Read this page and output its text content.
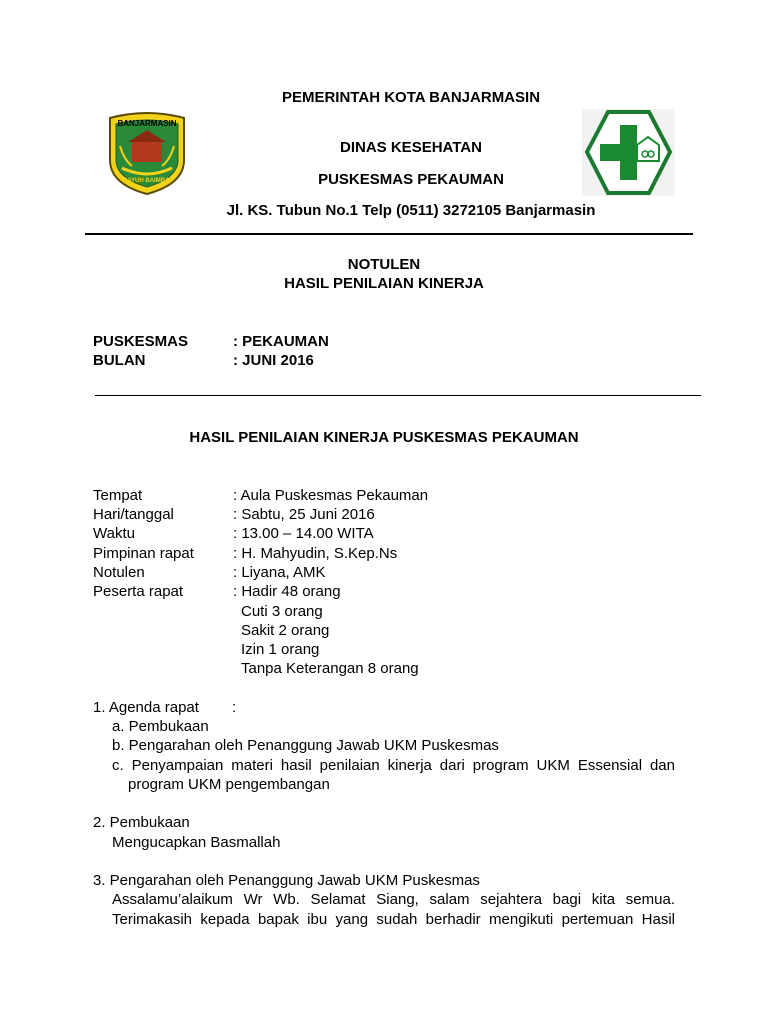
PEMERINTAH KOTA BANJARMASIN
DINAS KESEHATAN
PUSKESMAS PEKAUMAN
Jl. KS. Tubun No.1 Telp (0511) 3272105 Banjarmasin
BANJARMASIN
KAYUH BAIMBAI
NOTULEN
HASIL PENILAIAN KINERJA
PUSKESMAS	: PEKAUMAN
BULAN	: JUNI 2016
HASIL PENILAIAN KINERJA PUSKESMAS PEKAUMAN
Tempat	: Aula Puskesmas Pekauman
Hari/tanggal	: Sabtu, 25 Juni 2016
Waktu	: 13.00 – 14.00 WITA
Pimpinan rapat	: H. Mahyudin, S.Kep.Ns
Notulen	: Liyana, AMK
Peserta rapat	: Hadir 48 orang
Cuti 3 orang
Sakit 2 orang
Izin 1 orang
Tanpa Keterangan 8 orang
1. Agenda rapat :
a. Pembukaan
b. Pengarahan oleh Penanggung Jawab UKM Puskesmas
c. Penyampaian materi hasil penilaian kinerja dari program UKM Essensial dan
program UKM pengembangan
2. Pembukaan
Mengucapkan Basmallah
3. Pengarahan oleh Penanggung Jawab UKM Puskesmas
Assalamu’alaikum Wr Wb. Selamat Siang, salam sejahtera bagi kita semua.
Terimakasih kepada bapak ibu yang sudah berhadir mengikuti pertemuan Hasil
